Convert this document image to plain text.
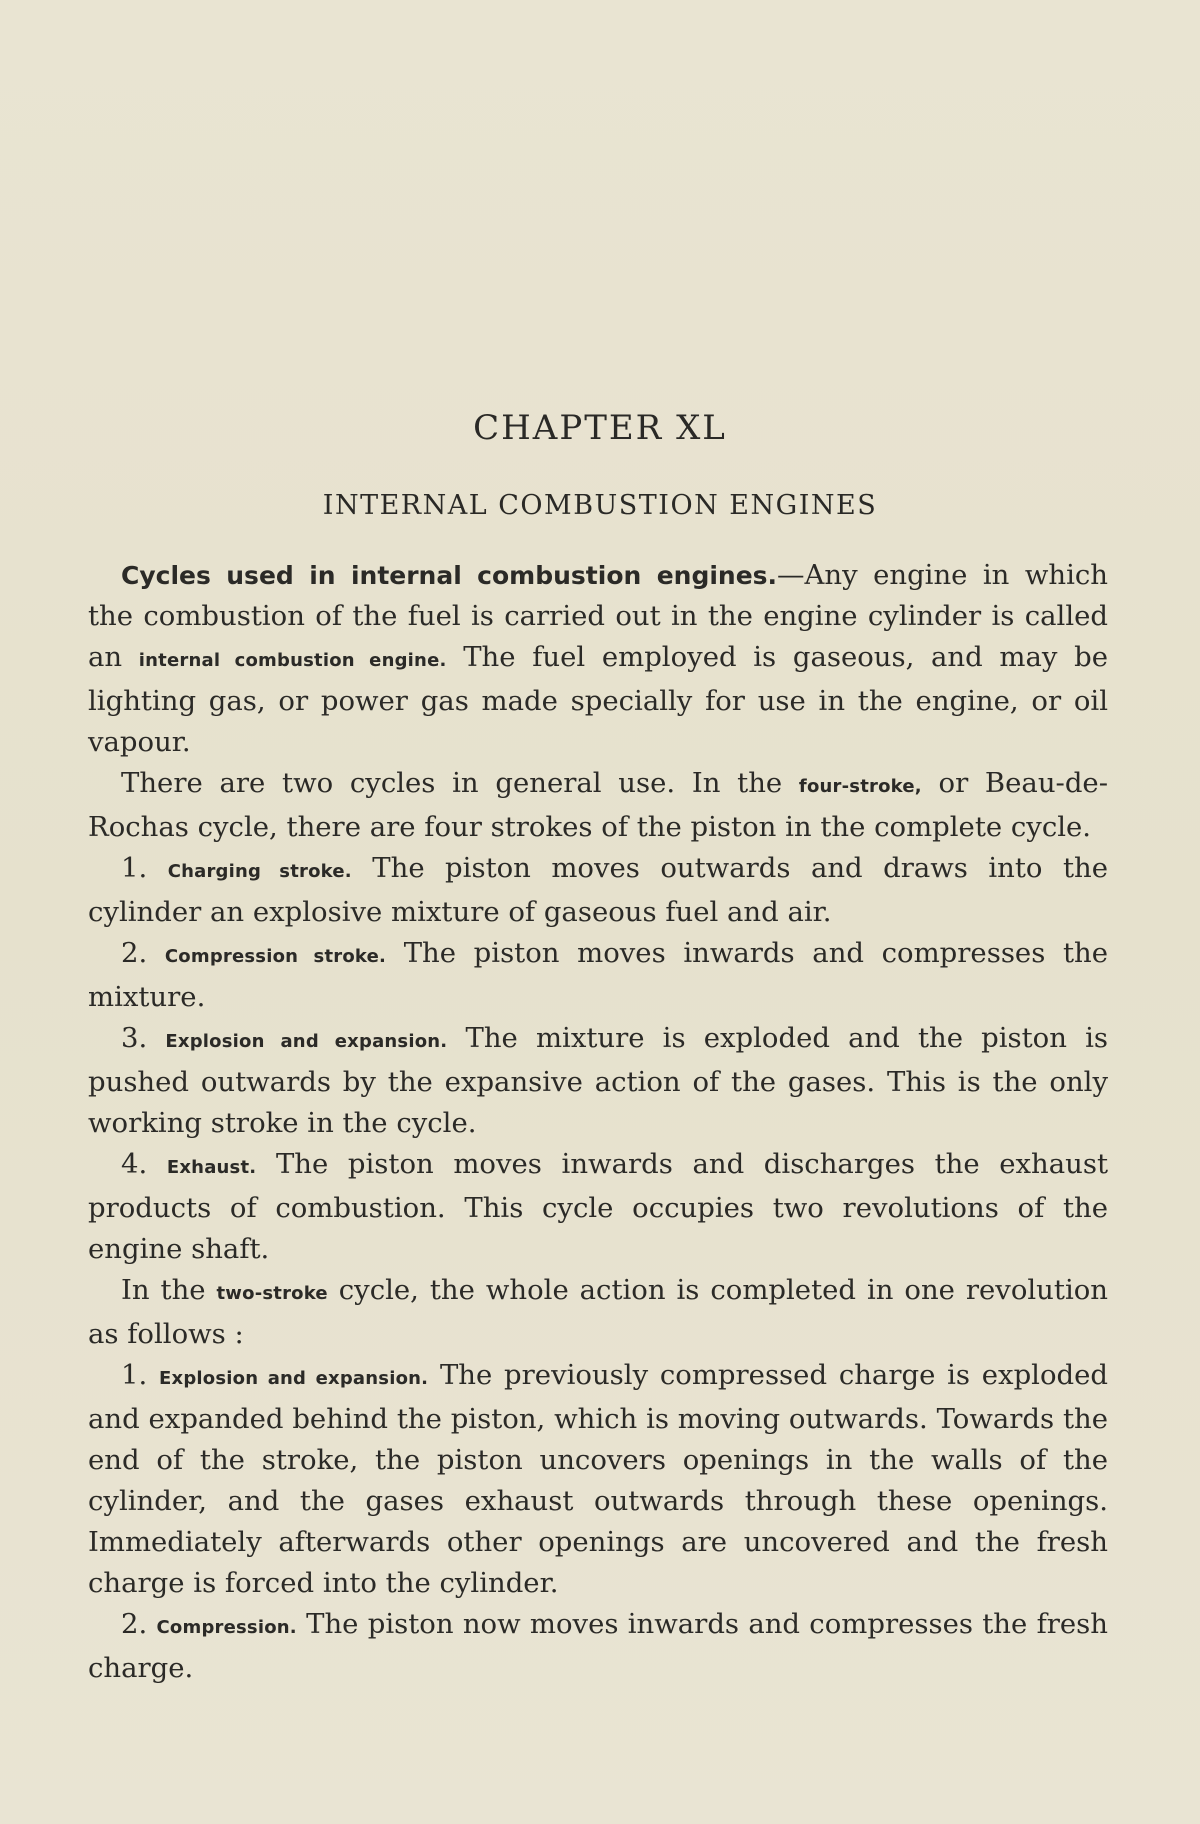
CHAPTER XL
INTERNAL COMBUSTION ENGINES

Cycles used in internal combustion engines.—Any engine in which the combustion of the fuel is carried out in the engine cylinder is called an internal combustion engine. The fuel employed is gaseous, and may be lighting gas, or power gas made specially for use in the engine, or oil vapour.

There are two cycles in general use. In the four-stroke, or Beau-de-Rochas cycle, there are four strokes of the piston in the complete cycle.

1. Charging stroke. The piston moves outwards and draws into the cylinder an explosive mixture of gaseous fuel and air.

2. Compression stroke. The piston moves inwards and compresses the mixture.

3. Explosion and expansion. The mixture is exploded and the piston is pushed outwards by the expansive action of the gases. This is the only working stroke in the cycle.

4. Exhaust. The piston moves inwards and discharges the exhaust products of combustion. This cycle occupies two revolutions of the engine shaft.

In the two-stroke cycle, the whole action is completed in one revolution as follows :

1. Explosion and expansion. The previously compressed charge is exploded and expanded behind the piston, which is moving outwards. Towards the end of the stroke, the piston uncovers openings in the walls of the cylinder, and the gases exhaust outwards through these openings. Immediately afterwards other openings are uncovered and the fresh charge is forced into the cylinder.

2. Compression. The piston now moves inwards and compresses the fresh charge.
